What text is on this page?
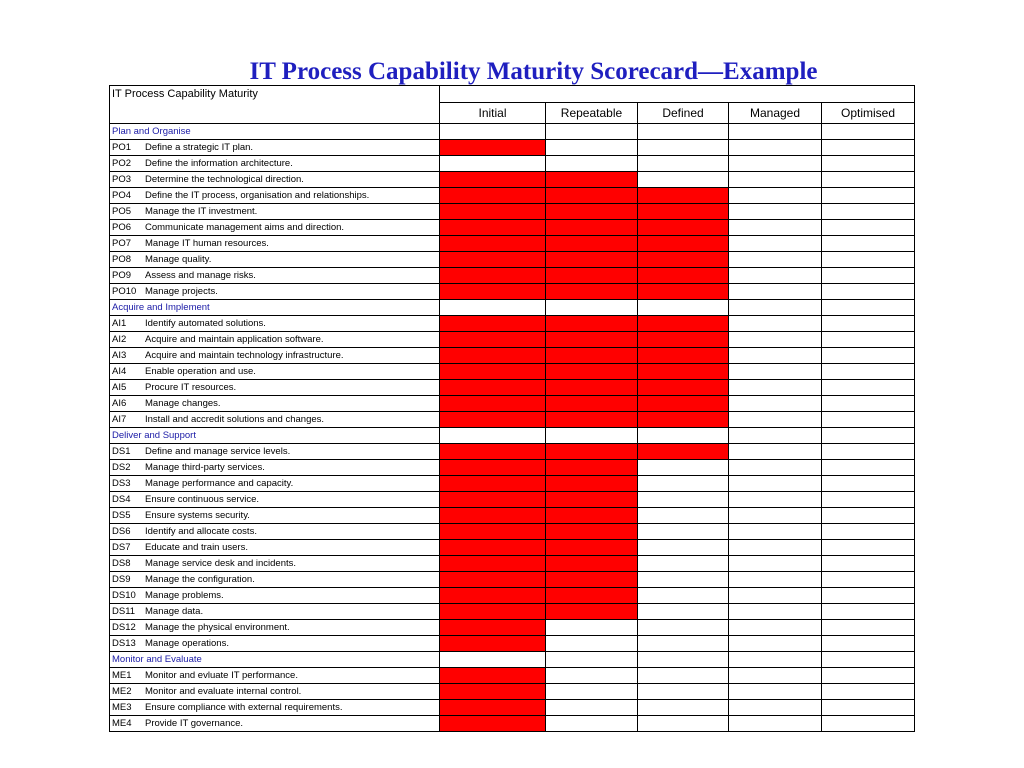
IT Process Capability Maturity Scorecard—Example
IT Process Capability Maturity					
	Initial	Repeatable	Defined	Managed	Optimised
Plan and Organise					
PO1 Define a strategic IT plan.					
PO2 Define the information architecture.					
PO3 Determine the technological direction.					
PO4 Define the IT process, organisation and relationships.					
PO5 Manage the IT investment.					
PO6 Communicate management aims and direction.					
PO7 Manage IT human resources.					
PO8 Manage quality.					
PO9 Assess and manage risks.					
PO10 Manage projects.					
Acquire and Implement					
AI1 Identify automated solutions.					
AI2 Acquire and maintain application software.					
AI3 Acquire and maintain technology infrastructure.					
AI4 Enable operation and use.					
AI5 Procure IT resources.					
AI6 Manage changes.					
AI7 Install and accredit solutions and changes.					
Deliver and Support					
DS1 Define and manage service levels.					
DS2 Manage third-party services.					
DS3 Manage performance and capacity.					
DS4 Ensure continuous service.					
DS5 Ensure systems security.					
DS6 Identify and allocate costs.					
DS7 Educate and train users.					
DS8 Manage service desk and incidents.					
DS9 Manage the configuration.					
DS10 Manage problems.					
DS11 Manage data.					
DS12 Manage the physical environment.					
DS13 Manage operations.					
Monitor and Evaluate					
ME1 Monitor and evluate IT performance.					
ME2 Monitor and evaluate internal control.					
ME3 Ensure compliance with external requirements.					
ME4 Provide IT governance.					
